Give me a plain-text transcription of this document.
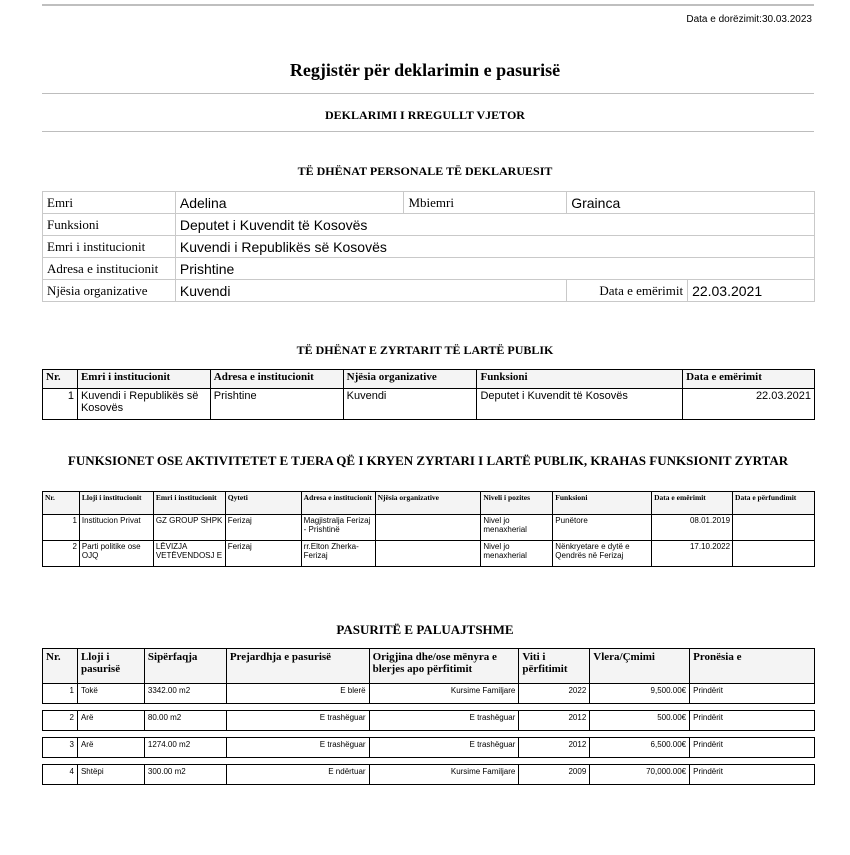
Data e dorëzimit:30.03.2023
Regjistër për deklarimin e pasurisë
DEKLARIMI I RREGULLT VJETOR
TË DHËNAT PERSONALE TË DEKLARUESIT
Emri	Adelina	Mbiemri	Grainca	
Funksioni	Deputet i Kuvendit të Kosovës			
Emri i institucionit	Kuvendi i Republikës së Kosovës			
Adresa e institucionit	Prishtine			
Njësia organizative	Kuvendi		Data e emërimit	22.03.2021
TË DHËNAT E ZYRTARIT TË LARTË PUBLIK
Nr.	Emri i institucionit	Adresa e institucionit	Njësia organizative	Funksioni	Data e emërimit
1	Kuvendi i Republikës së Kosovës	Prishtine	Kuvendi	Deputet i Kuvendit të Kosovës	22.03.2021
FUNKSIONET OSE AKTIVITETET E TJERA QË I KRYEN ZYRTARI I LARTË PUBLIK, KRAHAS FUNKSIONIT ZYRTAR
Nr.	Lloji i institucionit	Emri i institucionit	Qyteti	Adresa e institucionit	Njësia organizative	Niveli i pozites	Funksioni	Data e emërimit	Data e përfundimit
1	Institucion Privat	GZ GROUP SHPK	Ferizaj	Magjistralja Ferizaj - Prishtinë		Nivel jo menaxherial	Punëtore	08.01.2019	
2	Parti politike ose OJQ	LËVIZJA VETËVENDOSJ E	Ferizaj	rr.Elton Zherka-Ferizaj		Nivel jo menaxherial	Nënkryetare e dytë e Qendrës në Ferizaj	17.10.2022	
PASURITË E PALUAJTSHME
Nr.	Lloji i pasurisë	Sipërfaqja	Prejardhja e pasurisë	Origjina dhe/ose mënyra e blerjes apo përfitimit	Viti i përfitimit	Vlera/Çmimi	Pronësia e
1	Tokë	3342.00 m2	E blerë	Kursime Familjare	2022	9,500.00€	Prindërit

2	Arë	80.00 m2	E trashëguar	E trashëguar	2012	500.00€	Prindërit

3	Arë	1274.00 m2	E trashëguar	E trashëguar	2012	6,500.00€	Prindërit

4	Shtëpi	300.00 m2	E ndërtuar	Kursime Familjare	2009	70,000.00€	Prindërit
